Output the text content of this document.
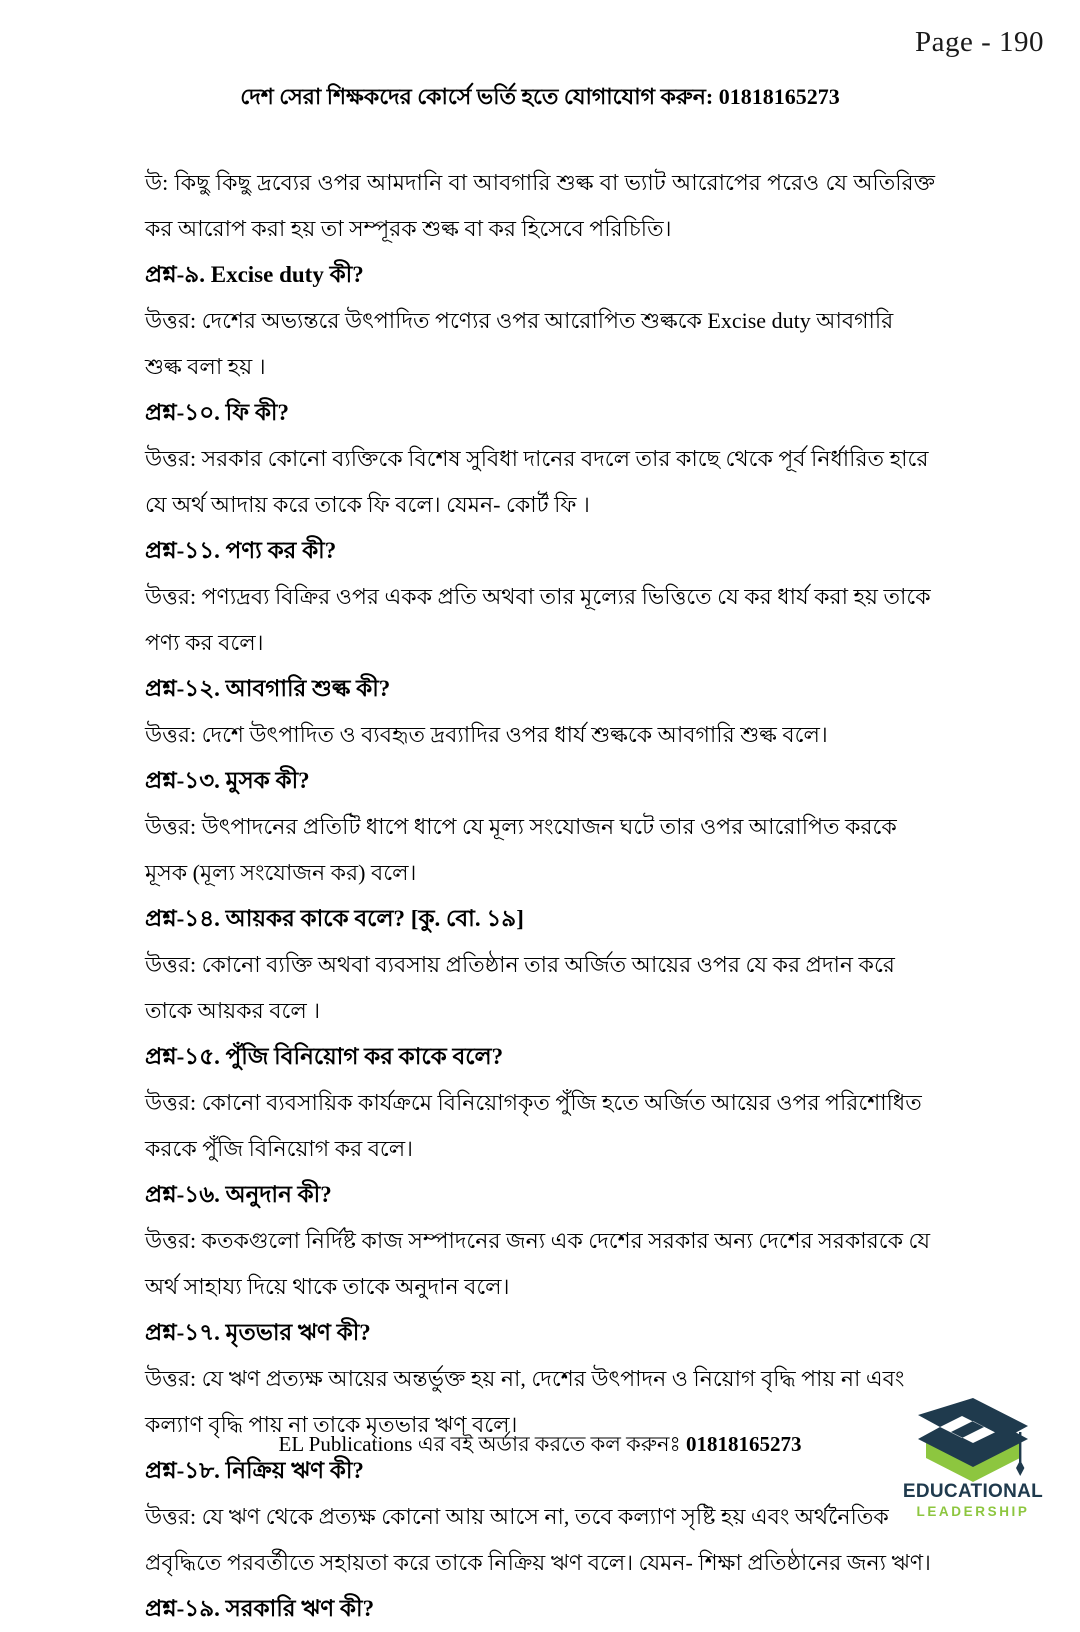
Page - 190
দেশ সেরা শিক্ষকদের কোর্সে ভর্তি হতে যোগাযোগ করুন: 01818165273

উ: কিছু কিছু দ্রব্যের ওপর আমদানি বা আবগারি শুল্ক বা ভ্যাট আরোপের পরেও যে অতিরিক্ত কর আরোপ করা হয় তা সম্পূরক শুল্ক বা কর হিসেবে পরিচিতি।

প্রশ্ন-৯. Excise duty কী?

উত্তর: দেশের অভ্যন্তরে উৎপাদিত পণ্যের ওপর আরোপিত শুল্ককে Excise duty আবগারি শুল্ক বলা হয় ।

প্রশ্ন-১০. ফি কী?

উত্তর: সরকার কোনো ব্যক্তিকে বিশেষ সুবিধা দানের বদলে তার কাছে থেকে পূর্ব নির্ধারিত হারে যে অর্থ আদায় করে তাকে ফি বলে। যেমন- কোর্ট ফি ।

প্রশ্ন-১১. পণ্য কর কী?

উত্তর: পণ্যদ্রব্য বিক্রির ওপর একক প্রতি অথবা তার মূল্যের ভিত্তিতে যে কর ধার্য করা হয় তাকে পণ্য কর বলে।

প্রশ্ন-১২. আবগারি শুল্ক কী?

উত্তর: দেশে উৎপাদিত ও ব্যবহৃত দ্রব্যাদির ওপর ধার্য শুল্ককে আবগারি শুল্ক বলে।

প্রশ্ন-১৩. মুসক কী?

উত্তর: উৎপাদনের প্রতিটি ধাপে ধাপে যে মূল্য সংযোজন ঘটে তার ওপর আরোপিত করকে মূসক (মূল্য সংযোজন কর) বলে।

প্রশ্ন-১৪. আয়কর কাকে বলে? [কু. বো. ১৯]

উত্তর: কোনো ব্যক্তি অথবা ব্যবসায় প্রতিষ্ঠান তার অর্জিত আয়ের ওপর যে কর প্রদান করে তাকে আয়কর বলে ।

প্রশ্ন-১৫. পুঁজি বিনিয়োগ কর কাকে বলে?

উত্তর: কোনো ব্যবসায়িক কার্যক্রমে বিনিয়োগকৃত পুঁজি হতে অর্জিত আয়ের ওপর পরিশোধিত করকে পুঁজি বিনিয়োগ কর বলে।

প্রশ্ন-১৬. অনুদান কী?

উত্তর: কতকগুলো নির্দিষ্ট কাজ সম্পাদনের জন্য এক দেশের সরকার অন্য দেশের সরকারকে যে অর্থ সাহায্য দিয়ে থাকে তাকে অনুদান বলে।

প্রশ্ন-১৭. মৃতভার ঋণ কী?

উত্তর: যে ঋণ প্রত্যক্ষ আয়ের অন্তর্ভুক্ত হয় না, দেশের উৎপাদন ও নিয়োগ বৃদ্ধি পায় না এবং কল্যাণ বৃদ্ধি পায় না তাকে মৃতভার ঋণ বলে।

প্রশ্ন-১৮. নিক্রিয় ঋণ কী?

উত্তর: যে ঋণ থেকে প্রত্যক্ষ কোনো আয় আসে না, তবে কল্যাণ সৃষ্টি হয় এবং অর্থনৈতিক প্রবৃদ্ধিতে পরবর্তীতে সহায়তা করে তাকে নিক্রিয় ঋণ বলে। যেমন- শিক্ষা প্রতিষ্ঠানের জন্য ঋণ।

প্রশ্ন-১৯. সরকারি ঋণ কী?

EL Publications এর বই অর্ডার করতে কল করুনঃ 01818165273
EDUCATIONAL
LEADERSHIP
